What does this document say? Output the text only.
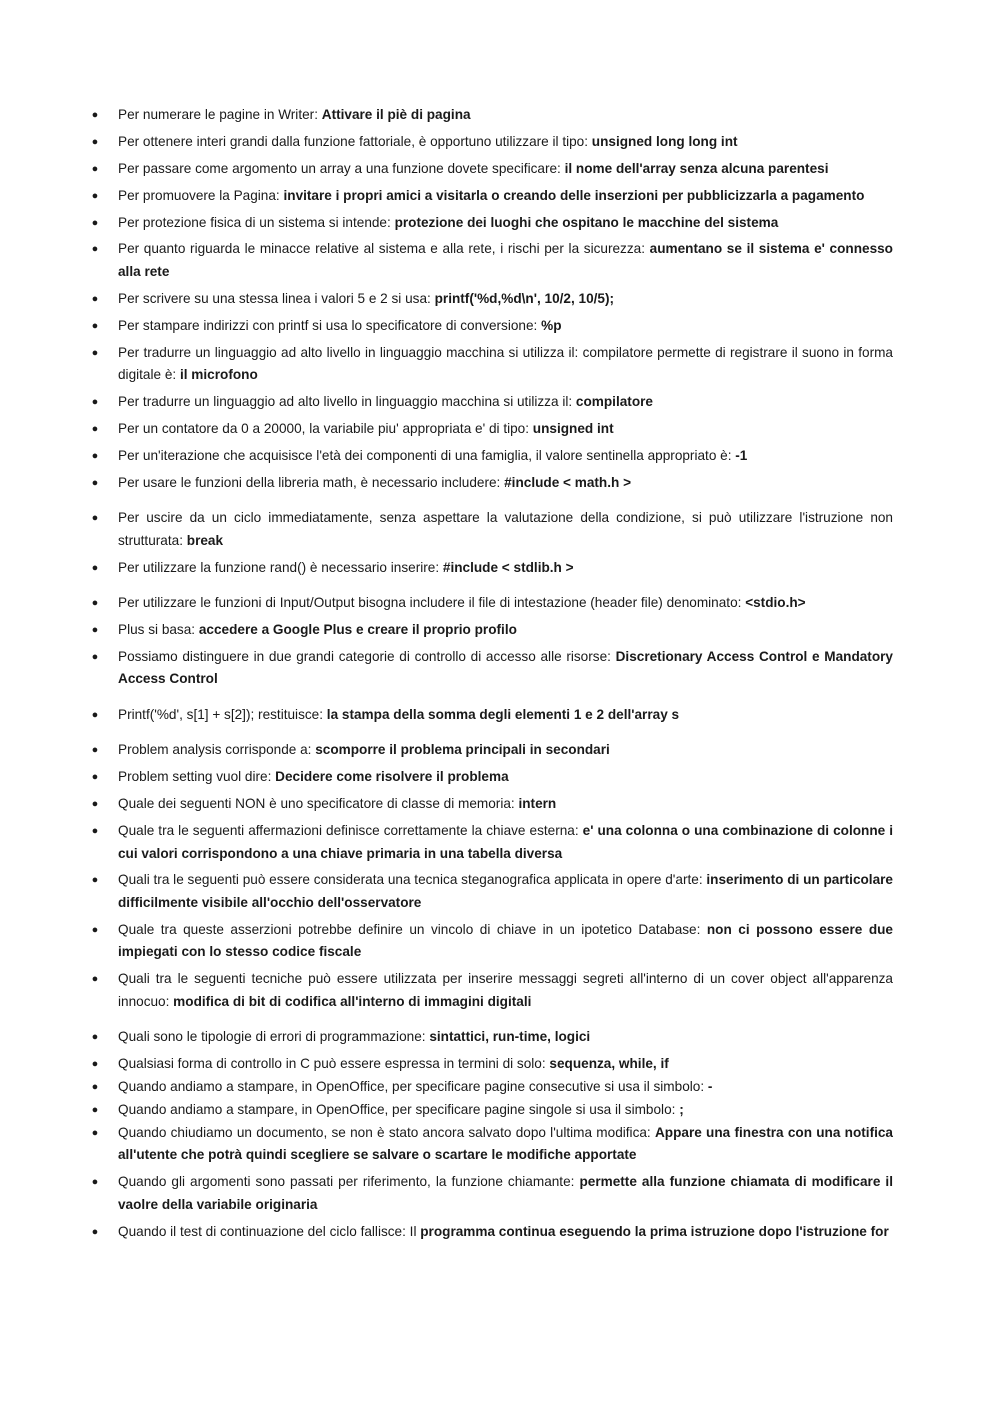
● Per numerare le pagine in Writer: Attivare il piè di pagina
● Per ottenere interi grandi dalla funzione fattoriale, è opportuno utilizzare il tipo: unsigned long long int
● Per passare come argomento un array a una funzione dovete specificare: il nome dell'array senza alcuna parentesi
● Per promuovere la Pagina: invitare i propri amici a visitarla o creando delle inserzioni per pubblicizzarla a pagamento
● Per protezione fisica di un sistema si intende: protezione dei luoghi che ospitano le macchine del sistema
● Per quanto riguarda le minacce relative al sistema e alla rete, i rischi per la sicurezza: aumentano se il sistema e' connesso alla rete
● Per scrivere su una stessa linea i valori 5 e 2 si usa: printf('%d,%d\n', 10/2, 10/5);
● Per stampare indirizzi con printf si usa lo specificatore di conversione: %p
● Per tradurre un linguaggio ad alto livello in linguaggio macchina si utilizza il: compilatore permette di registrare il suono in forma digitale è: il microfono
● Per tradurre un linguaggio ad alto livello in linguaggio macchina si utilizza il: compilatore
● Per un contatore da 0 a 20000, la variabile piu' appropriata e' di tipo: unsigned int
● Per un'iterazione che acquisisce l'età dei componenti di una famiglia, il valore sentinella appropriato è: -1
● Per usare le funzioni della libreria math, è necessario includere: #include < math.h >
● Per uscire da un ciclo immediatamente, senza aspettare la valutazione della condizione, si può utilizzare l'istruzione non strutturata: break
● Per utilizzare la funzione rand() è necessario inserire: #include < stdlib.h >
● Per utilizzare le funzioni di Input/Output bisogna includere il file di intestazione (header file) denominato: <stdio.h>
● Plus si basa: accedere a Google Plus e creare il proprio profilo
● Possiamo distinguere in due grandi categorie di controllo di accesso alle risorse: Discretionary Access Control e Mandatory Access Control
● Printf('%d', s[1] + s[2]); restituisce: la stampa della somma degli elementi 1 e 2 dell'array s
● Problem analysis corrisponde a: scomporre il problema principali in secondari
● Problem setting vuol dire: Decidere come risolvere il problema
● Quale dei seguenti NON è uno specificatore di classe di memoria: intern
● Quale tra le seguenti affermazioni definisce correttamente la chiave esterna: e' una colonna o una combinazione di colonne i cui valori corrispondono a una chiave primaria in una tabella diversa
● Quali tra le seguenti può essere considerata una tecnica steganografica applicata in opere d'arte: inserimento di un particolare difficilmente visibile all'occhio dell'osservatore
● Quale tra queste asserzioni potrebbe definire un vincolo di chiave in un ipotetico Database: non ci possono essere due impiegati con lo stesso codice fiscale
● Quali tra le seguenti tecniche può essere utilizzata per inserire messaggi segreti all'interno di un cover object all'apparenza innocuo: modifica di bit di codifica all'interno di immagini digitali
● Quali sono le tipologie di errori di programmazione: sintattici, run-time, logici
● Qualsiasi forma di controllo in C può essere espressa in termini di solo: sequenza, while, if
● Quando andiamo a stampare, in OpenOffice, per specificare pagine consecutive si usa il simbolo: -
● Quando andiamo a stampare, in OpenOffice, per specificare pagine singole si usa il simbolo: ;
● Quando chiudiamo un documento, se non è stato ancora salvato dopo l'ultima modifica: Appare una finestra con una notifica all'utente che potrà quindi scegliere se salvare o scartare le modifiche apportate
● Quando gli argomenti sono passati per riferimento, la funzione chiamante: permette alla funzione chiamata di modificare il vaolre della variabile originaria
● Quando il test di continuazione del ciclo fallisce: Il programma continua eseguendo la prima istruzione dopo l'istruzione for
